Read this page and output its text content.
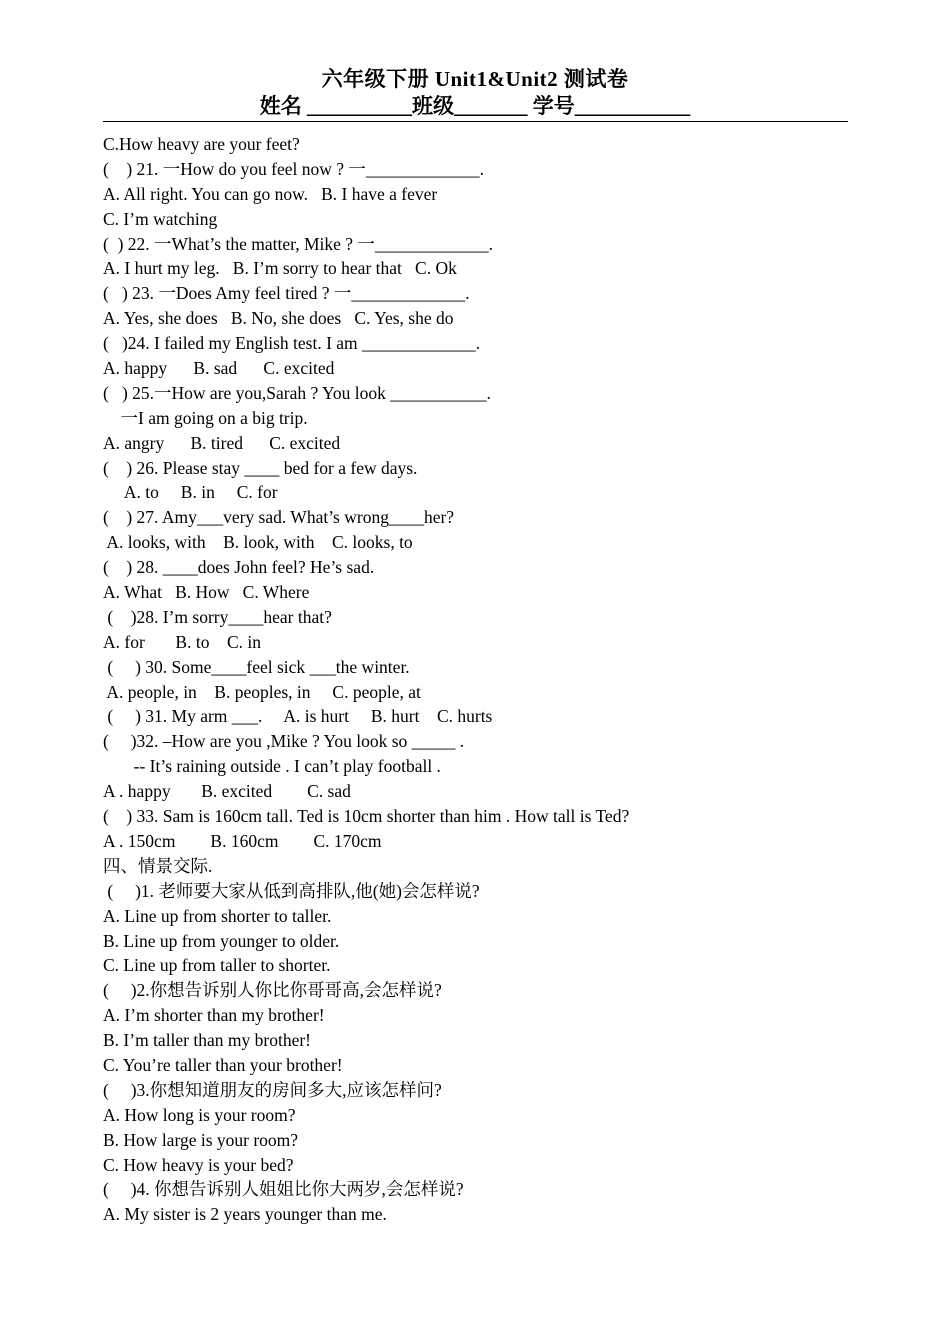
六年级下册 Unit1&Unit2 测试卷
姓名 __________班级_______ 学号___________
C.How heavy are your feet?
(    ) 21. 一How do you feel now ? 一_____________.
A. All right. You can go now.   B. I have a fever
C. I’m watching
(  ) 22. 一What’s the matter, Mike ? 一_____________.
A. I hurt my leg.   B. I’m sorry to hear that   C. Ok
(   ) 23. 一Does Amy feel tired ? 一_____________.
A. Yes, she does   B. No, she does   C. Yes, she do
(   )24. I failed my English test. I am _____________.
A. happy      B. sad      C. excited
(   ) 25.一How are you,Sarah ? You look ___________.
一I am going on a big trip.
A. angry      B. tired      C. excited
(    ) 26. Please stay ____ bed for a few days.
A. to     B. in     C. for
(    ) 27. Amy___very sad. What’s wrong____her?
A. looks, with    B. look, with    C. looks, to
(    ) 28. ____does John feel? He’s sad.
A. What   B. How   C. Where
(    )28. I’m sorry____hear that?
A. for       B. to    C. in
(     ) 30. Some____feel sick ___the winter.
A. people, in    B. peoples, in     C. people, at
(     ) 31. My arm ___.     A. is hurt     B. hurt    C. hurts
(     )32. –How are you ,Mike ? You look so _____ .
-- It’s raining outside . I can’t play football .
A . happy       B. excited        C. sad
(    ) 33. Sam is 160cm tall. Ted is 10cm shorter than him . How tall is Ted?
A . 150cm        B. 160cm        C. 170cm
四、情景交际.
(     )1. 老师要大家从低到高排队,他(她)会怎样说?
A. Line up from shorter to taller.
B. Line up from younger to older.
C. Line up from taller to shorter.
(     )2.你想告诉别人你比你哥哥高,会怎样说?
A. I’m shorter than my brother!
B. I’m taller than my brother!
C. You’re taller than your brother!
(     )3.你想知道朋友的房间多大,应该怎样问?
A. How long is your room?
B. How large is your room?
C. How heavy is your bed?
(     )4. 你想告诉别人姐姐比你大两岁,会怎样说?
A. My sister is 2 years younger than me.
